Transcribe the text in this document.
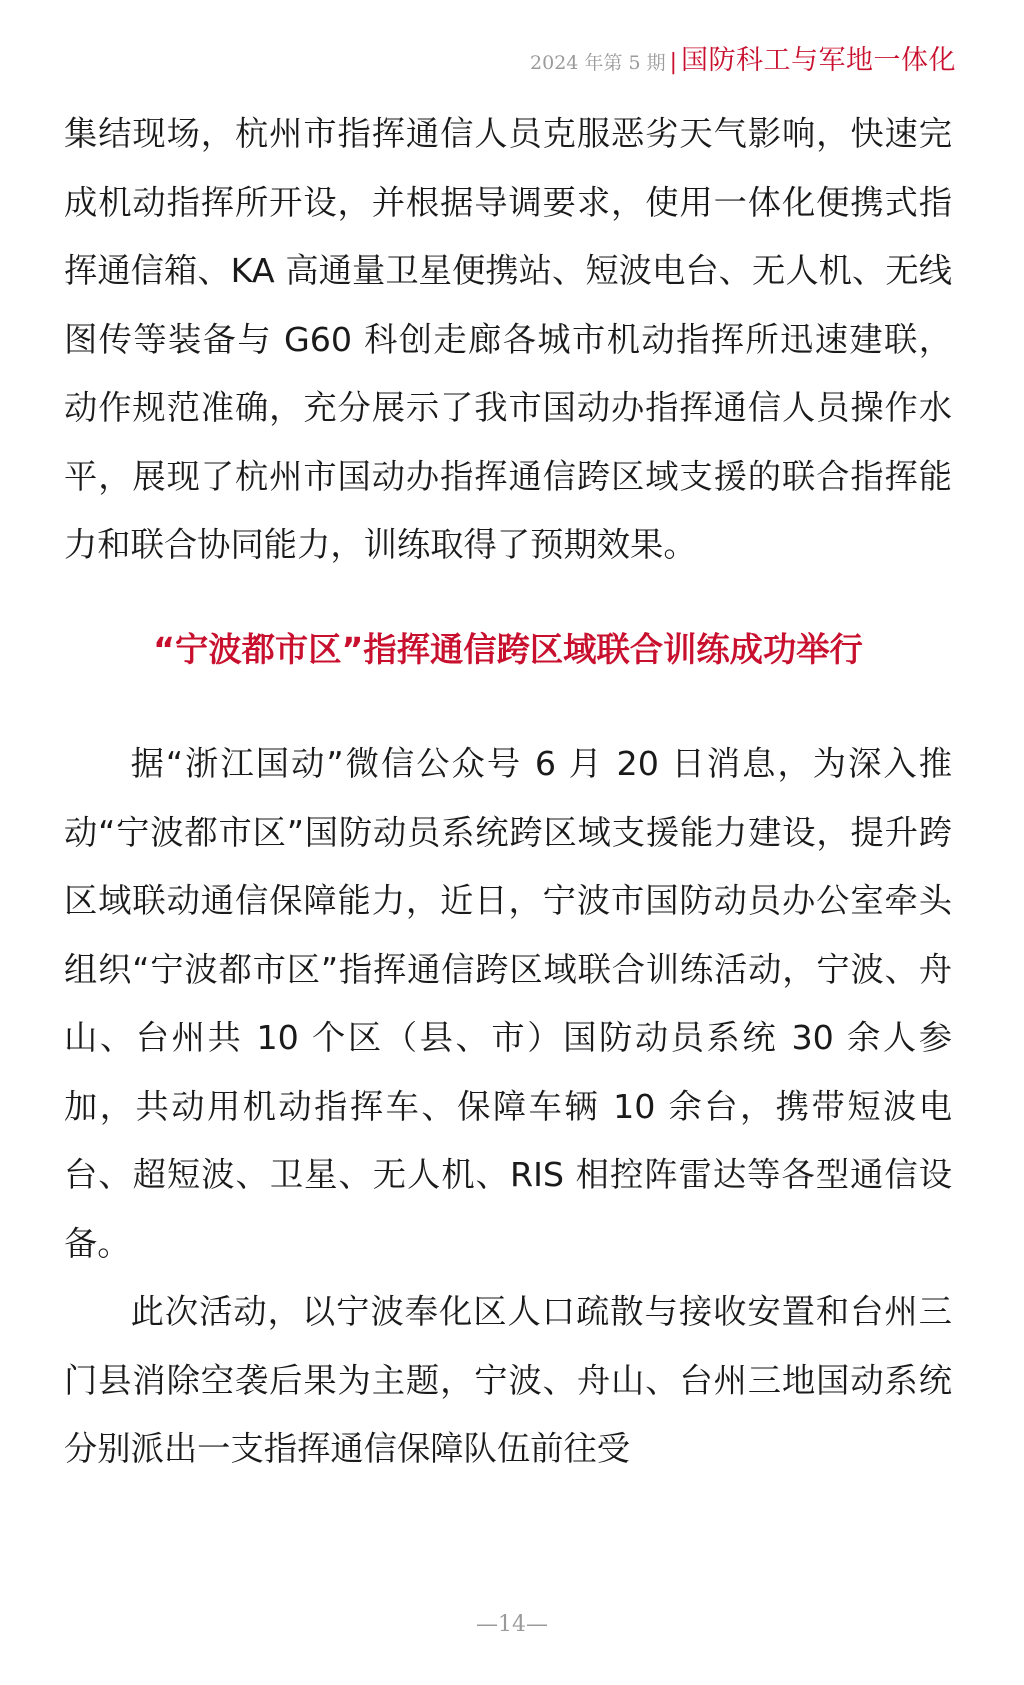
2024 年第 5 期 | 国防科工与军地一体化

集结现场，杭州市指挥通信人员克服恶劣天气影响，快速完成机动指挥所开设，并根据导调要求，使用一体化便携式指挥通信箱、KA 高通量卫星便携站、短波电台、无人机、无线图传等装备与 G60 科创走廊各城市机动指挥所迅速建联，动作规范准确，充分展示了我市国动办指挥通信人员操作水平，展现了杭州市国动办指挥通信跨区域支援的联合指挥能力和联合协同能力，训练取得了预期效果。

“宁波都市区”指挥通信跨区域联合训练成功举行

据“浙江国动”微信公众号 6 月 20 日消息，为深入推动“宁波都市区”国防动员系统跨区域支援能力建设，提升跨区域联动通信保障能力，近日，宁波市国防动员办公室牵头组织“宁波都市区”指挥通信跨区域联合训练活动，宁波、舟山、台州共 10 个区（县、市）国防动员系统 30 余人参加，共动用机动指挥车、保障车辆 10 余台，携带短波电台、超短波、卫星、无人机、RIS 相控阵雷达等各型通信设备。

此次活动，以宁波奉化区人口疏散与接收安置和台州三门县消除空袭后果为主题，宁波、舟山、台州三地国动系统分别派出一支指挥通信保障队伍前往受

—14—
